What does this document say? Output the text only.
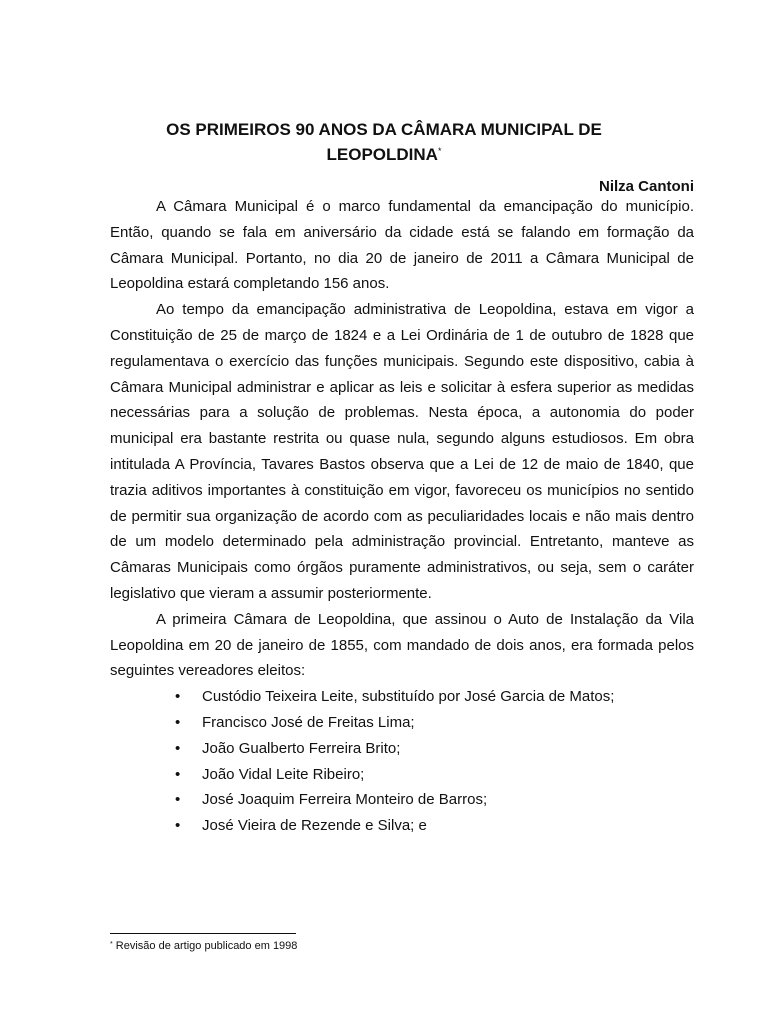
OS PRIMEIROS 90 ANOS DA CÂMARA MUNICIPAL DE
LEOPOLDINA*
Nilza Cantoni

A Câmara Municipal é o marco fundamental da emancipação do município. Então, quando se fala em aniversário da cidade está se falando em formação da Câmara Municipal. Portanto, no dia 20 de janeiro de 2011 a Câmara Municipal de Leopoldina estará completando 156 anos.

Ao tempo da emancipação administrativa de Leopoldina, estava em vigor a Constituição de 25 de março de 1824 e a Lei Ordinária de 1 de outubro de 1828 que regulamentava o exercício das funções municipais. Segundo este dispositivo, cabia à Câmara Municipal administrar e aplicar as leis e solicitar à esfera superior as medidas necessárias para a solução de problemas. Nesta época, a autonomia do poder municipal era bastante restrita ou quase nula, segundo alguns estudiosos. Em obra intitulada A Província, Tavares Bastos observa que a Lei de 12 de maio de 1840, que trazia aditivos importantes à constituição em vigor, favoreceu os municípios no sentido de permitir sua organização de acordo com as peculiaridades locais e não mais dentro de um modelo determinado pela administração provincial. Entretanto, manteve as Câmaras Municipais como órgãos puramente administrativos, ou seja, sem o caráter legislativo que vieram a assumir posteriormente.

A primeira Câmara de Leopoldina, que assinou o Auto de Instalação da Vila Leopoldina em 20 de janeiro de 1855, com mandado de dois anos, era formada pelos seguintes vereadores eleitos:

• Custódio Teixeira Leite, substituído por José Garcia de Matos;
• Francisco José de Freitas Lima;
• João Gualberto Ferreira Brito;
• João Vidal Leite Ribeiro;
• José Joaquim Ferreira Monteiro de Barros;
• José Vieira de Rezende e Silva; e
* Revisão de artigo publicado em 1998
